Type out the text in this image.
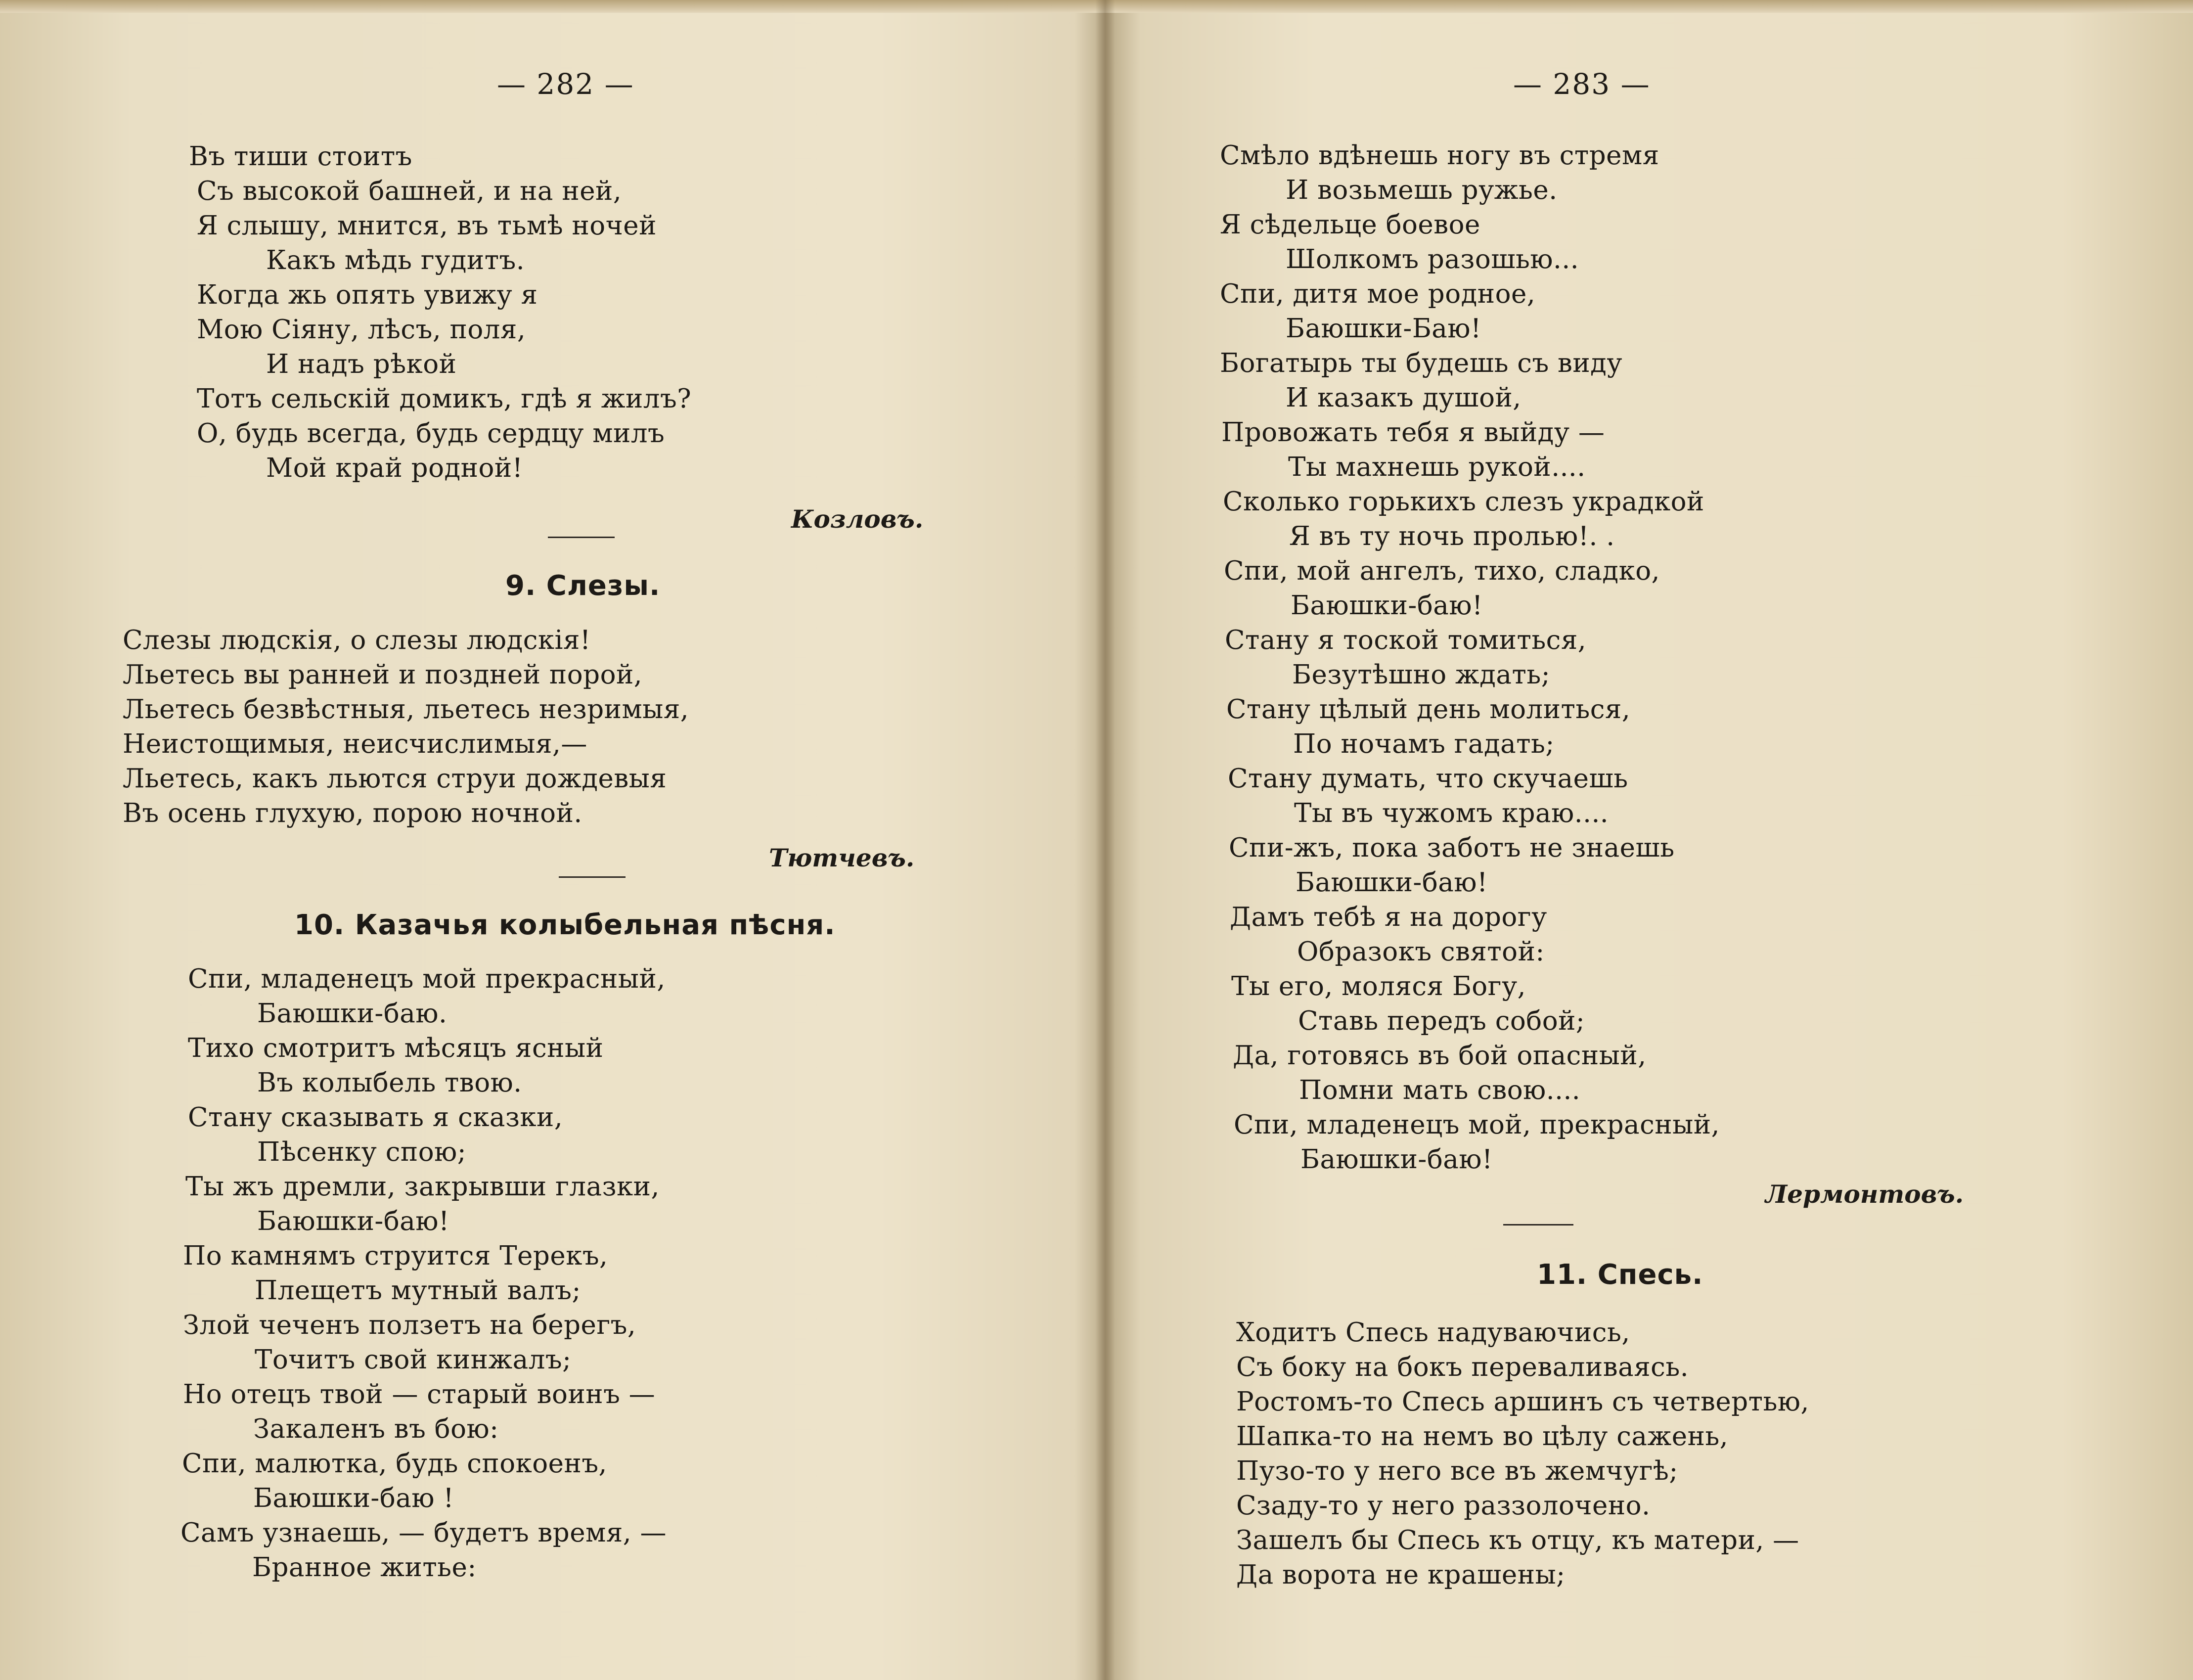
— 282 —
Въ тиши стоитъ
Съ высокой башней, и на ней,
Я слышу, мнится, въ тьмѣ ночей
Какъ мѣдь гудитъ.
Когда жь опять увижу я
Мою Сіяну, лѣсъ, поля,
И надъ рѣкой
Тотъ сельскій домикъ, гдѣ я жилъ?
О, будь всегда, будь сердцу милъ
Мой край родной!
Козловъ.
9. Слезы.
Слезы людскія, о слезы людскія!
Льетесь вы ранней и поздней порой,
Льетесь безвѣстныя, льетесь незримыя,
Неистощимыя, неисчислимыя,—
Льетесь, какъ льются струи дождевыя
Въ осень глухую, порою ночной.
Тютчевъ.
10. Казачья колыбельная пѣсня.
Спи, младенецъ мой прекрасный,
Баюшки-баю.
Тихо смотритъ мѣсяцъ ясный
Въ колыбель твою.
Стану сказывать я сказки,
Пѣсенку спою;
Ты жъ дремли, закрывши глазки,
Баюшки-баю!
По камнямъ струится Терекъ,
Плещетъ мутный валъ;
Злой чеченъ ползетъ на берегъ,
Точитъ свой кинжалъ;
Но отецъ твой — старый воинъ —
Закаленъ въ бою:
Спи, малютка, будь спокоенъ,
Баюшки-баю !
Самъ узнаешь, — будетъ время, —
Бранное житье:
— 283 —
Смѣло вдѣнешь ногу въ стремя
И возьмешь ружье.
Я сѣдельце боевое
Шолкомъ разошью...
Спи, дитя мое родное,
Баюшки-Баю!
Богатырь ты будешь съ виду
И казакъ душой,
Провожать тебя я выйду —
Ты махнешь рукой....
Сколько горькихъ слезъ украдкой
Я въ ту ночь пролью!. .
Спи, мой ангелъ, тихо, сладко,
Баюшки-баю!
Стану я тоской томиться,
Безутѣшно ждать;
Стану цѣлый день молиться,
По ночамъ гадать;
Стану думать, что скучаешь
Ты въ чужомъ краю....
Спи-жъ, пока заботъ не знаешь
Баюшки-баю!
Дамъ тебѣ я на дорогу
Образокъ святой:
Ты его, моляся Богу,
Ставь передъ собой;
Да, готовясь въ бой опасный,
Помни мать свою....
Спи, младенецъ мой, прекрасный,
Баюшки-баю!
Лермонтовъ.
11. Спесь.
Ходитъ Спесь надуваючись,
Съ боку на бокъ переваливаясь.
Ростомъ-то Спесь аршинъ съ четвертью,
Шапка-то на немъ во цѣлу сажень,
Пузо-то у него все въ жемчугѣ;
Сзаду-то у него раззолочено.
Зашелъ бы Спесь къ отцу, къ матери, —
Да ворота не крашены;
